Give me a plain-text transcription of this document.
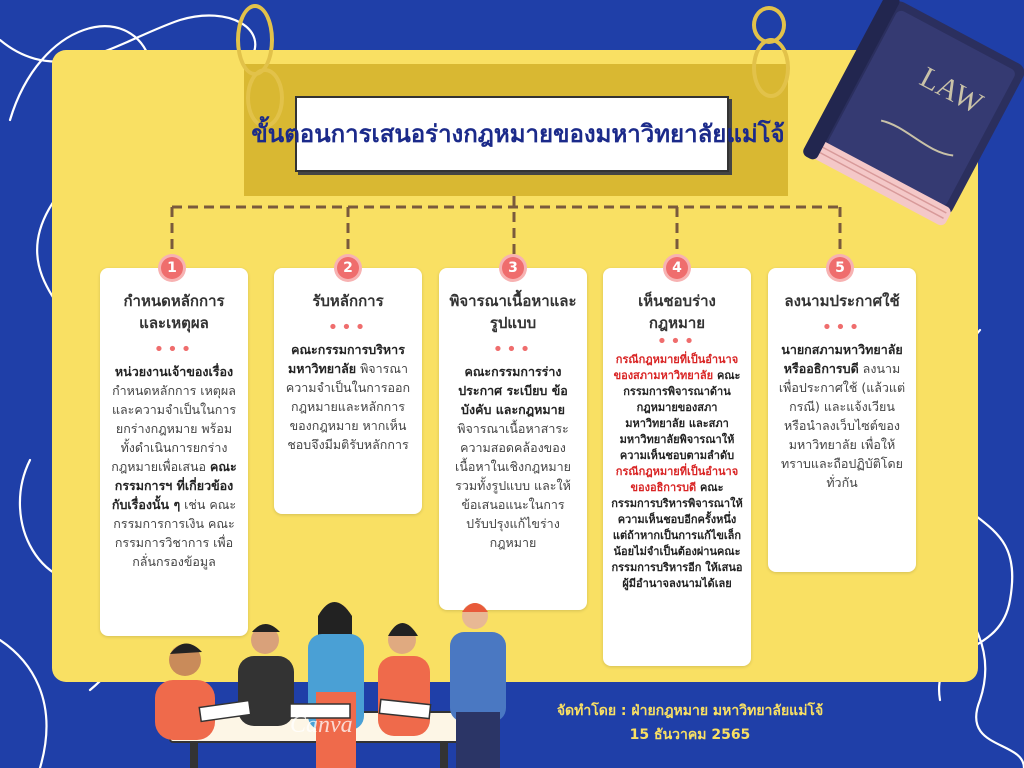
ขั้นตอนการเสนอร่างกฎหมายของมหาวิทยาลัยแม่โจ้
LAW
กำหนดหลักการและเหตุผล
•••
หน่วยงานเจ้าของเรื่อง กำหนดหลักการ เหตุผล และความจำเป็นในการยกร่างกฎหมาย พร้อมทั้งดำเนินการยกร่างกฎหมายเพื่อเสนอ คณะกรรมการฯ ที่เกี่ยวข้องกับเรื่องนั้น ๆ เช่น คณะกรรมการการเงิน คณะกรรมการวิชาการ เพื่อกลั่นกรองข้อมูล
1
รับหลักการ
•••
คณะกรรมการบริหารมหาวิทยาลัย พิจารณาความจำเป็นในการออกกฎหมายและหลักการของกฎหมาย หากเห็นชอบจึงมีมติรับหลักการ
2
พิจารณาเนื้อหาและรูปแบบ
•••
คณะกรรมการร่างประกาศ ระเบียบ ข้อบังคับ และกฎหมาย พิจารณาเนื้อหาสาระ ความสอดคล้องของเนื้อหาในเชิงกฎหมาย รวมทั้งรูปแบบ และให้ข้อเสนอแนะในการปรับปรุงแก้ไขร่างกฎหมาย
3
เห็นชอบร่างกฎหมาย
•••
กรณีกฎหมายที่เป็นอำนาจของสภามหาวิทยาลัย คณะกรรมการพิจารณาด้านกฎหมายของสภามหาวิทยาลัย และสภามหาวิทยาลัยพิจารณาให้ความเห็นชอบตามลำดับ กรณีกฎหมายที่เป็นอำนาจของอธิการบดี คณะกรรมการบริหารพิจารณาให้ความเห็นชอบอีกครั้งหนึ่ง แต่ถ้าหากเป็นการแก้ไขเล็กน้อยไม่จำเป็นต้องผ่านคณะกรรมการบริหารอีก ให้เสนอผู้มีอำนาจลงนามได้เลย
4
ลงนามประกาศใช้
•••
นายกสภามหาวิทยาลัย หรืออธิการบดี ลงนามเพื่อประกาศใช้ (แล้วแต่กรณี) และแจ้งเวียน หรือนำลงเว็บไซต์ของมหาวิทยาลัย เพื่อให้ทราบและถือปฏิบัติโดยทั่วกัน
5
Canva
จัดทำโดย : ฝ่ายกฎหมาย มหาวิทยาลัยแม่โจ้
15 ธันวาคม 2565
